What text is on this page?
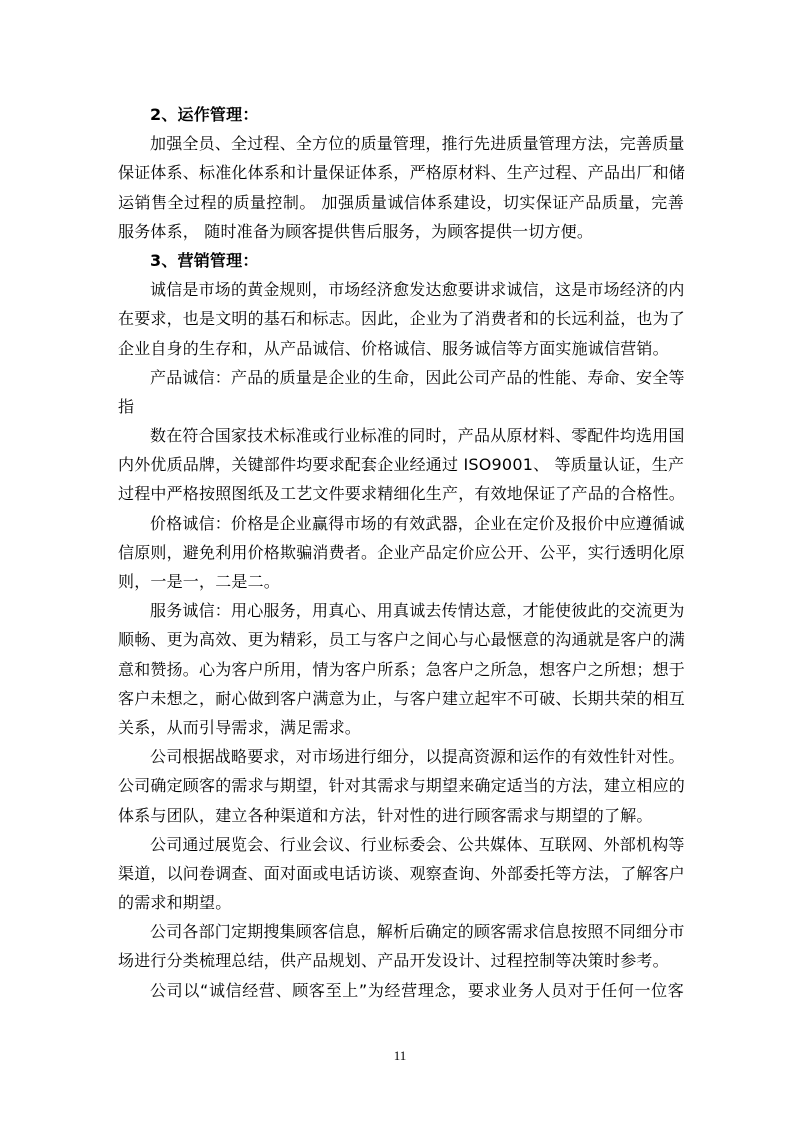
2、运作管理：
加强全员、全过程、全方位的质量管理，推行先进质量管理方法，完善质量
保证体系、标准化体系和计量保证体系，严格原材料、生产过程、产品出厂和储
运销售全过程的质量控制。 加强质量诚信体系建设，切实保证产品质量，完善
服务体系， 随时准备为顾客提供售后服务，为顾客提供一切方便。
3、营销管理：
诚信是市场的黄金规则，市场经济愈发达愈要讲求诚信，这是市场经济的内
在要求，也是文明的基石和标志。因此，企业为了消费者和的长远利益，也为了
企业自身的生存和，从产品诚信、价格诚信、服务诚信等方面实施诚信营销。
产品诚信：产品的质量是企业的生命，因此公司产品的性能、寿命、安全等
指
数在符合国家技术标准或行业标准的同时，产品从原材料、零配件均选用国
内外优质品牌，关键部件均要求配套企业经通过 ISO9001、 等质量认证，生产
过程中严格按照图纸及工艺文件要求精细化生产，有效地保证了产品的合格性。
价格诚信：价格是企业赢得市场的有效武器，企业在定价及报价中应遵循诚
信原则，避免利用价格欺骗消费者。企业产品定价应公开、公平，实行透明化原
则，一是一，二是二。
服务诚信：用心服务，用真心、用真诚去传情达意，才能使彼此的交流更为
顺畅、更为高效、更为精彩，员工与客户之间心与心最惬意的沟通就是客户的满
意和赞扬。心为客户所用，情为客户所系；急客户之所急，想客户之所想；想于
客户未想之，耐心做到客户满意为止，与客户建立起牢不可破、长期共荣的相互
关系，从而引导需求，满足需求。
公司根据战略要求，对市场进行细分，以提高资源和运作的有效性针对性。
公司确定顾客的需求与期望，针对其需求与期望来确定适当的方法，建立相应的
体系与团队，建立各种渠道和方法，针对性的进行顾客需求与期望的了解。
公司通过展览会、行业会议、行业标委会、公共媒体、互联网、外部机构等
渠道，以问卷调查、面对面或电话访谈、观察查询、外部委托等方法，了解客户
的需求和期望。
公司各部门定期搜集顾客信息，解析后确定的顾客需求信息按照不同细分市
场进行分类梳理总结，供产品规划、产品开发设计、过程控制等决策时参考。
公司以“诚信经营、顾客至上”为经营理念，要求业务人员对于任何一位客
11
